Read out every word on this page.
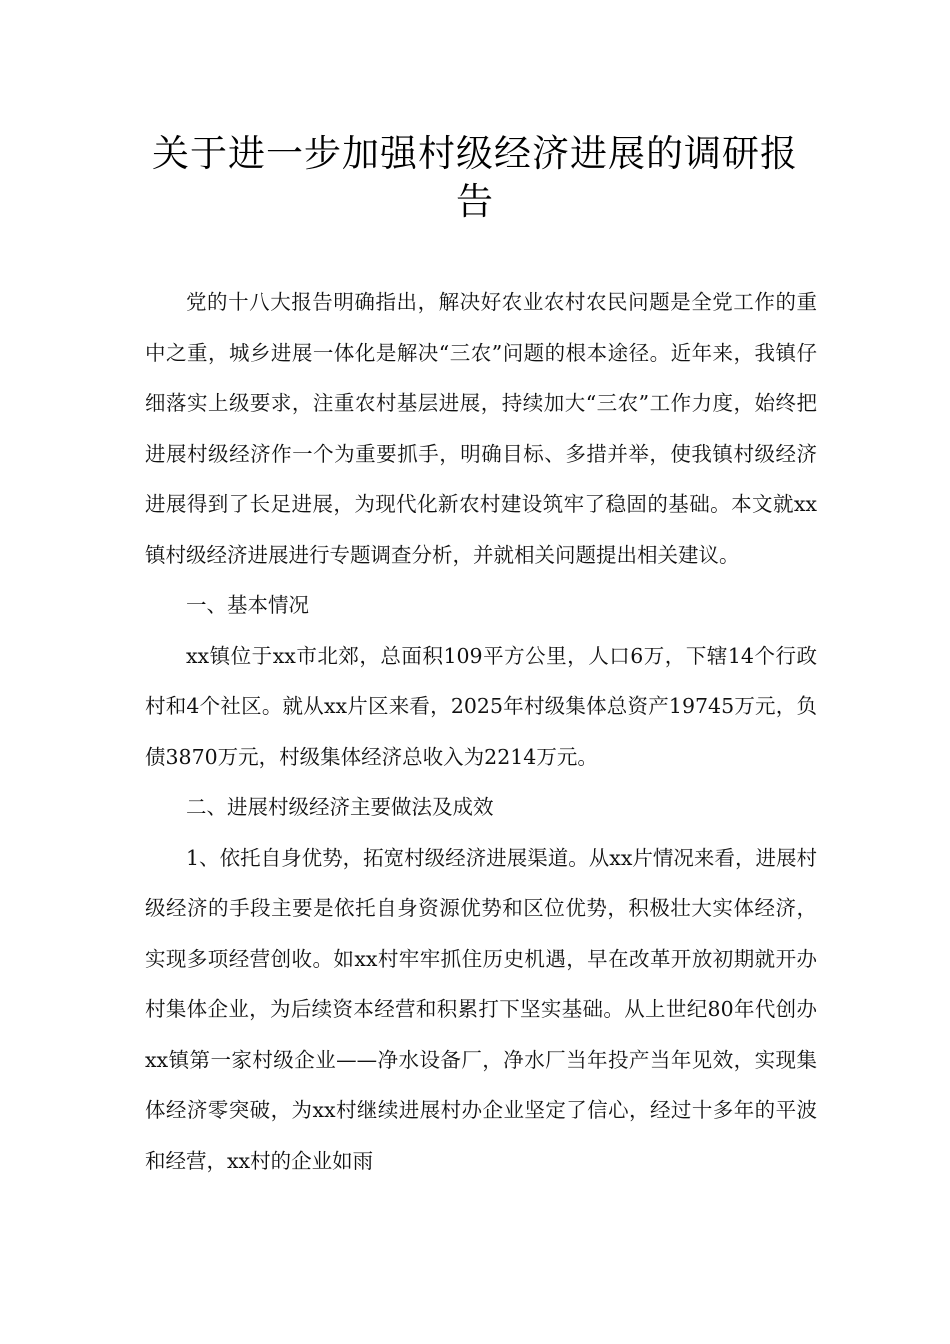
关于进一步加强村级经济进展的调研报告

党的十八大报告明确指出，解决好农业农村农民问题是全党工作的重中之重，城乡进展一体化是解决“三农”问题的根本途径。近年来，我镇仔细落实上级要求，注重农村基层进展，持续加大“三农”工作力度，始终把进展村级经济作一个为重要抓手，明确目标、多措并举，使我镇村级经济进展得到了长足进展，为现代化新农村建设筑牢了稳固的基础。本文就xx镇村级经济进展进行专题调查分析，并就相关问题提出相关建议。

一、基本情况

xx镇位于xx市北郊，总面积109平方公里，人口6万，下辖14个行政村和4个社区。就从xx片区来看，2025年村级集体总资产19745万元，负债3870万元，村级集体经济总收入为2214万元。

二、进展村级经济主要做法及成效

1、依托自身优势，拓宽村级经济进展渠道。从xx片情况来看，进展村级经济的手段主要是依托自身资源优势和区位优势，积极壮大实体经济，实现多项经营创收。如xx村牢牢抓住历史机遇，早在改革开放初期就开办村集体企业，为后续资本经营和积累打下坚实基础。从上世纪80年代创办xx镇第一家村级企业——净水设备厂，净水厂当年投产当年见效，实现集体经济零突破，为xx村继续进展村办企业坚定了信心，经过十多年的平波和经营，xx村的企业如雨
